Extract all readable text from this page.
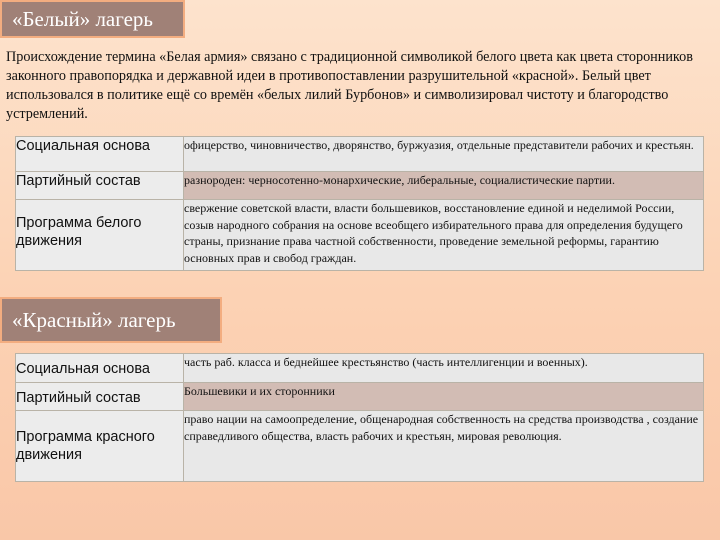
«Белый» лагерь

Происхождение термина «Белая армия» связано с традиционной символикой белого цвета как цвета сторонников законного правопорядка и державной идеи в противопоставлении разрушительной «красной». Белый цвет использовался в политике ещё со времён «белых лилий Бурбонов» и символизировал чистоту и благородство устремлений.

Социальная основа	офицерство, чиновничество, дворянство, буржуазия, отдельные представители рабочих и крестьян.
Партийный состав	разнороден: черносотенно-монархические, либеральные, социалистические партии.
Программа белого движения	свержение советской власти, власти большевиков, восстановление единой и неделимой России, созыв народного собрания на основе всеобщего избирательного права для определения будущего страны, признание права частной собственности, проведение земельной реформы, гарантию основных прав и свобод граждан.
«Красный» лагерь
Социальная основа	часть раб. класса и беднейшее крестьянство (часть интеллигенции и военных).
Партийный состав	Большевики и их сторонники
Программа красного движения	право нации на самоопределение, общенародная собственность на средства производства , создание справедливого общества, власть рабочих и крестьян, мировая революция.
